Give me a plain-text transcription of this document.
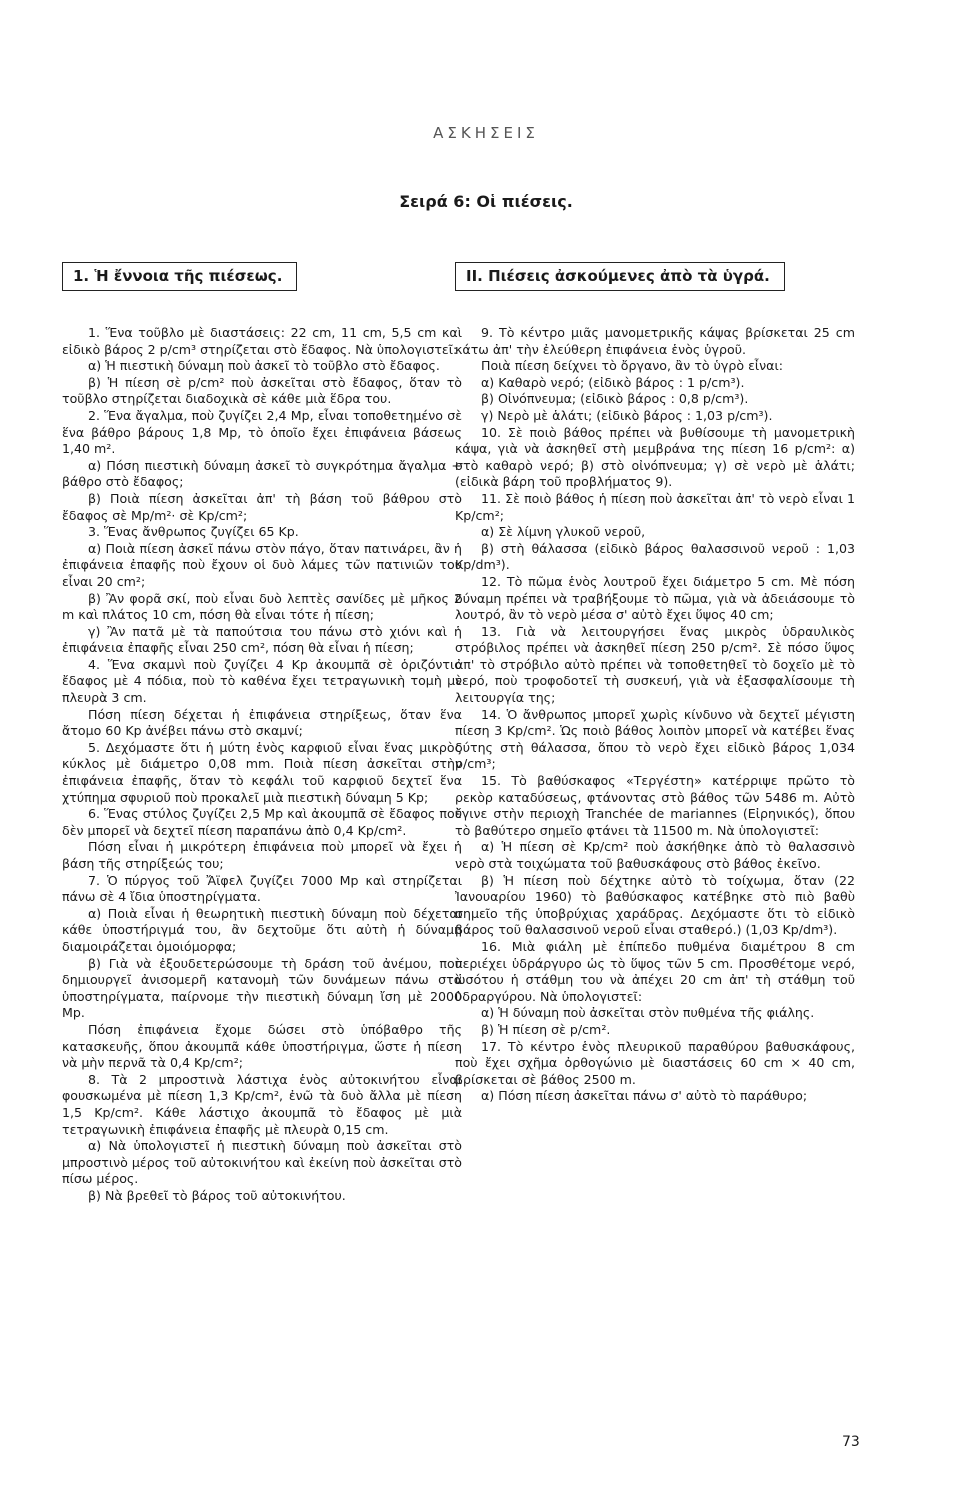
ΑΣΚΗΣΕΙΣ
Σειρά 6: Οἱ πιέσεις.
1. Ἡ ἔννοια τῆς πιέσεως.

1. Ἕνα τοῦβλο μὲ διαστάσεις: 22 cm, 11 cm, 5,5 cm καὶ εἰδικὸ βάρος 2 p/cm³ στηρίζεται στὸ ἔδαφος. Νὰ ὑπολογιστεῖ:

α) Ἡ πιεστικὴ δύναμη ποὺ ἀσκεῖ τὸ τοῦβλο στὸ ἔδαφος.

β) Ἡ πίεση σὲ p/cm² ποὺ ἀσκεῖται στὸ ἔδαφος, ὅταν τὸ τοῦβλο στηρίζεται διαδοχικὰ σὲ κάθε μιὰ ἕδρα του.

2. Ἕνα ἄγαλμα, ποὺ ζυγίζει 2,4 Mp, εἶναι τοποθετημένο σὲ ἕνα βάθρο βάρους 1,8 Mp, τὸ ὁποῖο ἔχει ἐπιφάνεια βάσεως 1,40 m².

α) Πόση πιεστικὴ δύναμη ἀσκεῖ τὸ συγκρότημα ἄγαλμα + βάθρο στὸ ἔδαφος;

β) Ποιὰ πίεση ἀσκεῖται ἀπ' τὴ βάση τοῦ βάθρου στὸ ἔδαφος σὲ Mp/m²· σὲ Kp/cm²;

3. Ἕνας ἄνθρωπος ζυγίζει 65 Kp.

α) Ποιὰ πίεση ἀσκεῖ πάνω στὸν πάγο, ὅταν πατινάρει, ἂν ἡ ἐπιφάνεια ἐπαφῆς ποὺ ἔχουν οἱ δυὸ λάμες τῶν πατινιῶν του εἶναι 20 cm²;

β) Ἂν φορᾶ σκί, ποὺ εἶναι δυὸ λεπτὲς σανίδες μὲ μῆκος 2 m καὶ πλάτος 10 cm, πόση θὰ εἶναι τότε ἡ πίεση;

γ) Ἂν πατᾶ μὲ τὰ παπούτσια του πάνω στὸ χιόνι καὶ ἡ ἐπιφάνεια ἐπαφῆς εἶναι 250 cm², πόση θὰ εἶναι ἡ πίεση;

4. Ἕνα σκαμνὶ ποὺ ζυγίζει 4 Kp ἀκουμπᾶ σὲ ὁριζόντιο ἔδαφος μὲ 4 πόδια, ποὺ τὸ καθένα ἔχει τετραγωνικὴ τομὴ μὲ πλευρὰ 3 cm.

Πόση πίεση δέχεται ἡ ἐπιφάνεια στηρίξεως, ὅταν ἕνα ἄτομο 60 Kp ἀνέβει πάνω στὸ σκαμνί;

5. Δεχόμαστε ὅτι ἡ μύτη ἑνὸς καρφιοῦ εἶναι ἕνας μικρὸς κύκλος μὲ διάμετρο 0,08 mm. Ποιὰ πίεση ἀσκεῖται στὴν ἐπιφάνεια ἐπαφῆς, ὅταν τὸ κεφάλι τοῦ καρφιοῦ δεχτεῖ ἕνα χτύπημα σφυριοῦ ποὺ προκαλεῖ μιὰ πιεστικὴ δύναμη 5 Kp;

6. Ἕνας στύλος ζυγίζει 2,5 Mp καὶ ἀκουμπᾶ σὲ ἔδαφος ποὺ δὲν μπορεῖ νὰ δεχτεῖ πίεση παραπάνω ἀπὸ 0,4 Kp/cm².

Πόση εἶναι ἡ μικρότερη ἐπιφάνεια ποὺ μπορεῖ νὰ ἔχει ἡ βάση τῆς στηρίξεώς του;

7. Ὁ πύργος τοῦ Ἄϊφελ ζυγίζει 7000 Mp καὶ στηρίζεται πάνω σὲ 4 ἴδια ὑποστηρίγματα.

α) Ποιὰ εἶναι ἡ θεωρητικὴ πιεστικὴ δύναμη ποὺ δέχεται κάθε ὑποστήριγμά του, ἂν δεχτοῦμε ὅτι αὐτὴ ἡ δύναμη διαμοιράζεται ὁμοιόμορφα;

β) Γιὰ νὰ ἐξουδετερώσουμε τὴ δράση τοῦ ἀνέμου, ποὺ δημιουργεῖ ἀνισομερῆ κατανομὴ τῶν δυνάμεων πάνω στὰ ὑποστηρίγματα, παίρνομε τὴν πιεστικὴ δύναμη ἴση μὲ 2000 Mp.

Πόση ἐπιφάνεια ἔχομε δώσει στὸ ὑπόβαθρο τῆς κατασκευῆς, ὅπου ἀκουμπᾶ κάθε ὑποστήριγμα, ὥστε ἡ πίεση νὰ μὴν περνᾶ τὰ 0,4 Kp/cm²;

8. Τὰ 2 μπροστινὰ λάστιχα ἑνὸς αὐτοκινήτου εἶναι φουσκωμένα μὲ πίεση 1,3 Kp/cm², ἐνῶ τὰ δυὸ ἄλλα μὲ πίεση 1,5 Kp/cm². Κάθε λάστιχο ἀκουμπᾶ τὸ ἔδαφος μὲ μιὰ τετραγωνικὴ ἐπιφάνεια ἐπαφῆς μὲ πλευρὰ 0,15 cm.

α) Νὰ ὑπολογιστεῖ ἡ πιεστικὴ δύναμη ποὺ ἀσκεῖται στὸ μπροστινὸ μέρος τοῦ αὐτοκινήτου καὶ ἐκείνη ποὺ ἀσκεῖται στὸ πίσω μέρος.

β) Νὰ βρεθεῖ τὸ βάρος τοῦ αὐτοκινήτου.

ΙΙ. Πιέσεις ἀσκούμενες ἀπὸ τὰ ὑγρά.

9. Τὸ κέντρο μιᾶς μανομετρικῆς κάψας βρίσκεται 25 cm κάτω ἀπ' τὴν ἐλεύθερη ἐπιφάνεια ἑνὸς ὑγροῦ.

Ποιὰ πίεση δείχνει τὸ ὄργανο, ἂν τὸ ὑγρὸ εἶναι:

α) Καθαρὸ νερό; (εἰδικὸ βάρος : 1 p/cm³).

β) Οἰνόπνευμα; (εἰδικὸ βάρος : 0,8 p/cm³).

γ) Νερὸ μὲ ἁλάτι; (εἰδικὸ βάρος : 1,03 p/cm³).

10. Σὲ ποιὸ βάθος πρέπει νὰ βυθίσουμε τὴ μανομετρικὴ κάψα, γιὰ νὰ ἀσκηθεῖ στὴ μεμβράνα της πίεση 16 p/cm²: α) στὸ καθαρὸ νερό; β) στὸ οἰνόπνευμα; γ) σὲ νερὸ μὲ ἁλάτι; (εἰδικὰ βάρη τοῦ προβλήματος 9).

11. Σὲ ποιὸ βάθος ἡ πίεση ποὺ ἀσκεῖται ἀπ' τὸ νερὸ εἶναι 1 Kp/cm²;

α) Σὲ λίμνη γλυκοῦ νεροῦ,

β) στὴ θάλασσα (εἰδικὸ βάρος θαλασσινοῦ νεροῦ : 1,03 Kp/dm³).

12. Τὸ πῶμα ἑνὸς λουτροῦ ἔχει διάμετρο 5 cm. Μὲ πόση δύναμη πρέπει νὰ τραβήξουμε τὸ πῶμα, γιὰ νὰ ἀδειάσουμε τὸ λουτρό, ἂν τὸ νερὸ μέσα σ' αὐτὸ ἔχει ὕψος 40 cm;

13. Γιὰ νὰ λειτουργήσει ἕνας μικρὸς ὑδραυλικὸς στρόβιλος πρέπει νὰ ἀσκηθεῖ πίεση 250 p/cm². Σὲ πόσο ὕψος ἀπ' τὸ στρόβιλο αὐτὸ πρέπει νὰ τοποθετηθεῖ τὸ δοχεῖο μὲ τὸ νερό, ποὺ τροφοδοτεῖ τὴ συσκευή, γιὰ νὰ ἐξασφαλίσουμε τὴ λειτουργία της;

14. Ὁ ἄνθρωπος μπορεῖ χωρὶς κίνδυνο νὰ δεχτεῖ μέγιστη πίεση 3 Kp/cm². Ὡς ποιὸ βάθος λοιπὸν μπορεῖ νὰ κατέβει ἕνας δύτης στὴ θάλασσα, ὅπου τὸ νερὸ ἔχει εἰδικὸ βάρος 1,034 p/cm³;

15. Τὸ βαθύσκαφος «Τεργέστη» κατέρριψε πρῶτο τὸ ρεκὸρ καταδύσεως, φτάνοντας στὸ βάθος τῶν 5486 m. Αὐτὸ ἔγινε στὴν περιοχὴ Tranchée de mariannes (Εἰρηνικός), ὅπου τὸ βαθύτερο σημεῖο φτάνει τὰ 11500 m. Νὰ ὑπολογιστεῖ:

α) Ἡ πίεση σὲ Kp/cm² ποὺ ἀσκήθηκε ἀπὸ τὸ θαλασσινὸ νερὸ στὰ τοιχώματα τοῦ βαθυσκάφους στὸ βάθος ἐκεῖνο.

β) Ἡ πίεση ποὺ δέχτηκε αὐτὸ τὸ τοίχωμα, ὅταν (22 Ἰανουαρίου 1960) τὸ βαθύσκαφος κατέβηκε στὸ πιὸ βαθὺ σημεῖο τῆς ὑποβρύχιας χαράδρας. Δεχόμαστε ὅτι τὸ εἰδικὸ βάρος τοῦ θαλασσινοῦ νεροῦ εἶναι σταθερό.) (1,03 Kp/dm³).

16. Μιὰ φιάλη μὲ ἐπίπεδο πυθμένα διαμέτρου 8 cm περιέχει ὑδράργυρο ὡς τὸ ὕψος τῶν 5 cm. Προσθέτομε νερό, ὡσότου ἡ στάθμη του νὰ ἀπέχει 20 cm ἀπ' τὴ στάθμη τοῦ ὑδραργύρου. Νὰ ὑπολογιστεῖ:

α) Ἡ δύναμη ποὺ ἀσκεῖται στὸν πυθμένα τῆς φιάλης.

β) Ἡ πίεση σὲ p/cm².

17. Τὸ κέντρο ἑνὸς πλευρικοῦ παραθύρου βαθυσκάφους, ποὺ ἔχει σχῆμα ὀρθογώνιο μὲ διαστάσεις 60 cm × 40 cm, βρίσκεται σὲ βάθος 2500 m.

α) Πόση πίεση ἀσκεῖται πάνω σ' αὐτὸ τὸ παράθυρο;

73
